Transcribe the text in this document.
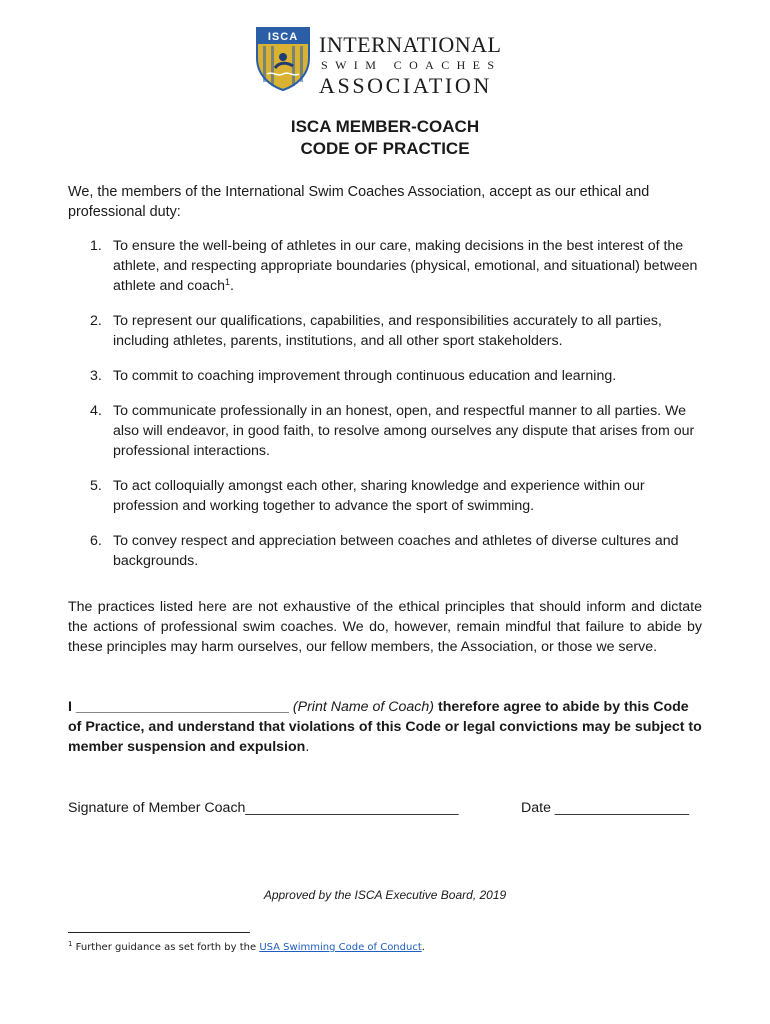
ISCA INTERNATIONAL
SWIM COACHES
ASSOCIATION
ISCA MEMBER-COACH
CODE OF PRACTICE
We, the members of the International Swim Coaches Association, accept as our ethical and professional duty:
1. To ensure the well-being of athletes in our care, making decisions in the best interest of the athlete, and respecting appropriate boundaries (physical, emotional, and situational) between athlete and coach$^1$.
2. To represent our qualifications, capabilities, and responsibilities accurately to all parties, including athletes, parents, institutions, and all other sport stakeholders.
3. To commit to coaching improvement through continuous education and learning.
4. To communicate professionally in an honest, open, and respectful manner to all parties. We also will endeavor, in good faith, to resolve among ourselves any dispute that arises from our professional interactions.
5. To act colloquially amongst each other, sharing knowledge and experience within our profession and working together to advance the sport of swimming.
6. To convey respect and appreciation between coaches and athletes of diverse cultures and backgrounds.
The practices listed here are not exhaustive of the ethical principles that should inform and dictate the actions of professional swim coaches. We do, however, remain mindful that failure to abide by these principles may harm ourselves, our fellow members, the Association, or those we serve.
I ___________________________ (Print Name of Coach) therefore agree to abide by this Code of Practice, and understand that violations of this Code or legal convictions may be subject to member suspension and expulsion.
Signature of Member Coach___________________________	Date _________________
Approved by the ISCA Executive Board, 2019
$^1$ Further guidance as set forth by the USA Swimming Code of Conduct.
